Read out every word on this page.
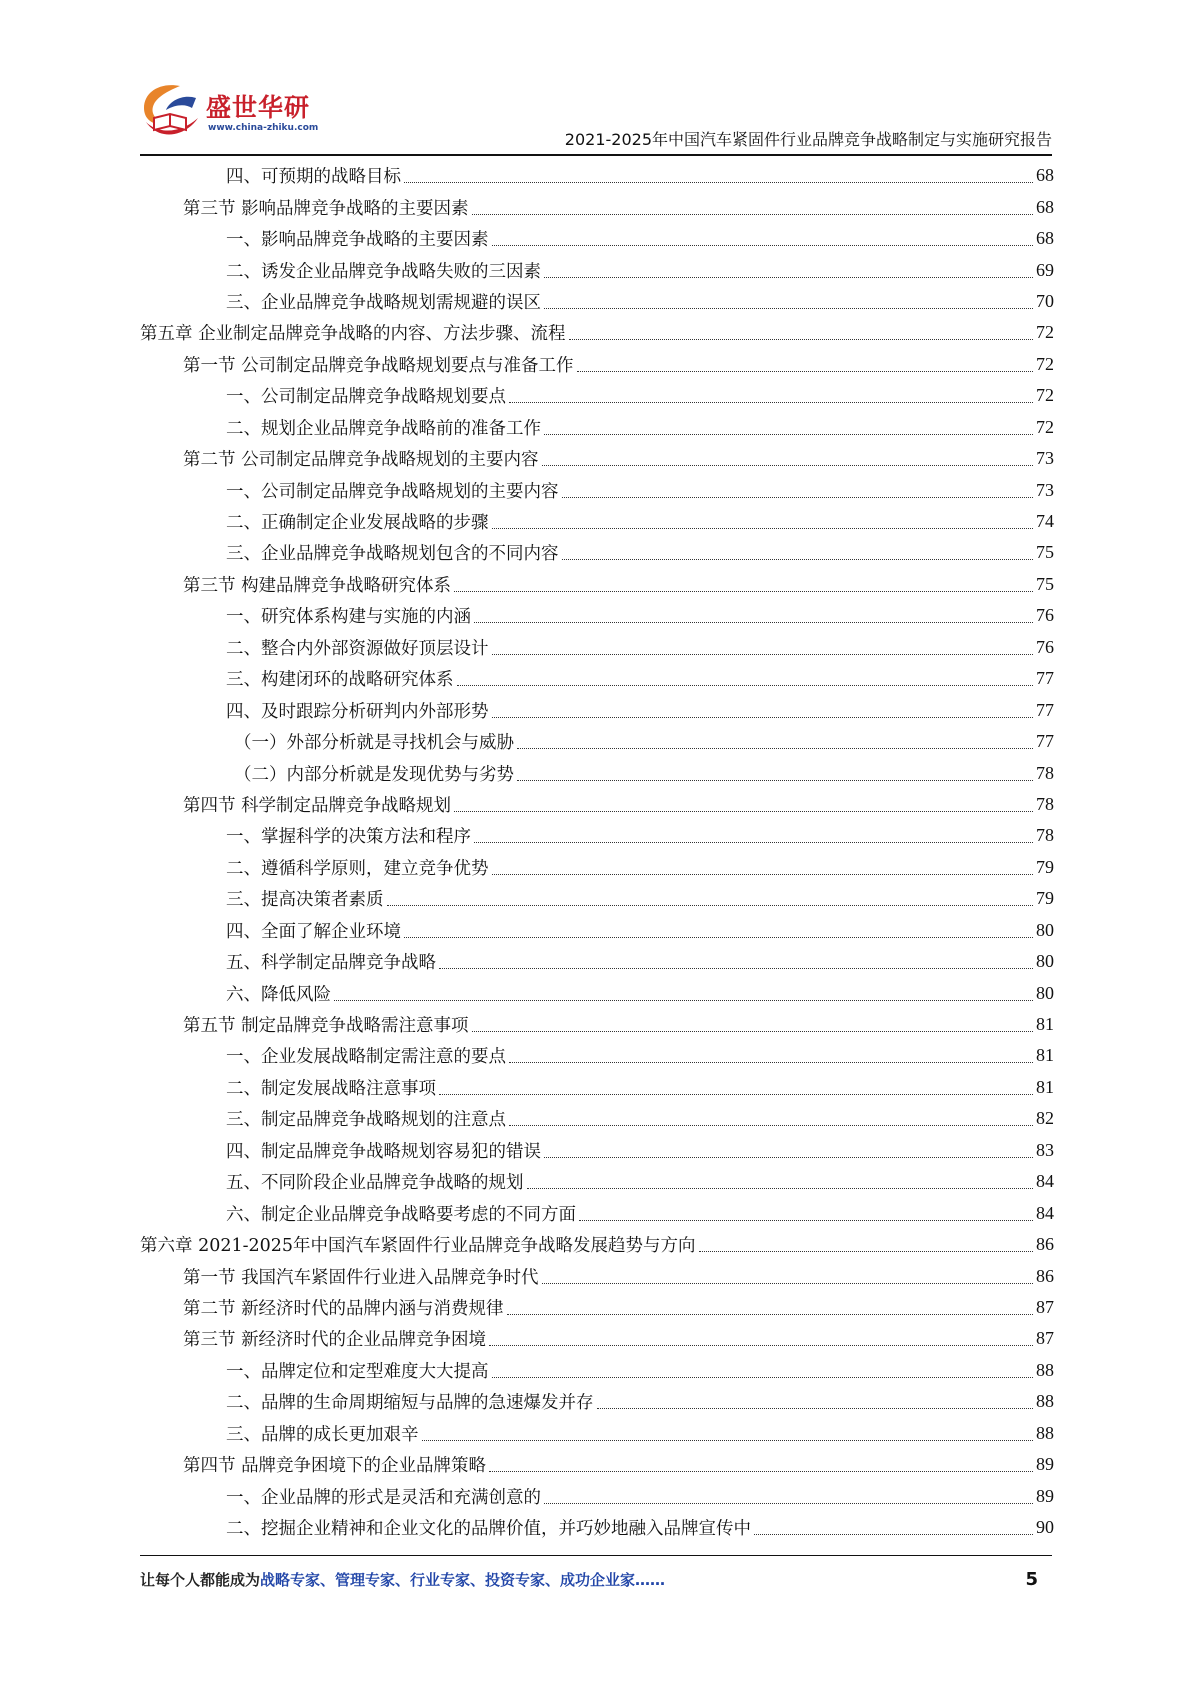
盛世华研
www.china-zhiku.com
2021-2025年中国汽车紧固件行业品牌竞争战略制定与实施研究报告
四、可预期的战略目标	68
第三节 影响品牌竞争战略的主要因素	68
一、影响品牌竞争战略的主要因素	68
二、诱发企业品牌竞争战略失败的三因素	69
三、企业品牌竞争战略规划需规避的误区	70
第五章 企业制定品牌竞争战略的内容、方法步骤、流程	72
第一节 公司制定品牌竞争战略规划要点与准备工作	72
一、公司制定品牌竞争战略规划要点	72
二、规划企业品牌竞争战略前的准备工作	72
第二节 公司制定品牌竞争战略规划的主要内容	73
一、公司制定品牌竞争战略规划的主要内容	73
二、正确制定企业发展战略的步骤	74
三、企业品牌竞争战略规划包含的不同内容	75
第三节 构建品牌竞争战略研究体系	75
一、研究体系构建与实施的内涵	76
二、整合内外部资源做好顶层设计	76
三、构建闭环的战略研究体系	77
四、及时跟踪分析研判内外部形势	77
（一）外部分析就是寻找机会与威胁	77
（二）内部分析就是发现优势与劣势	78
第四节 科学制定品牌竞争战略规划	78
一、掌握科学的决策方法和程序	78
二、遵循科学原则，建立竞争优势	79
三、提高决策者素质	79
四、全面了解企业环境	80
五、科学制定品牌竞争战略	80
六、降低风险	80
第五节 制定品牌竞争战略需注意事项	81
一、企业发展战略制定需注意的要点	81
二、制定发展战略注意事项	81
三、制定品牌竞争战略规划的注意点	82
四、制定品牌竞争战略规划容易犯的错误	83
五、不同阶段企业品牌竞争战略的规划	84
六、制定企业品牌竞争战略要考虑的不同方面	84
第六章 2021-2025年中国汽车紧固件行业品牌竞争战略发展趋势与方向	86
第一节 我国汽车紧固件行业进入品牌竞争时代	86
第二节 新经济时代的品牌内涵与消费规律	87
第三节 新经济时代的企业品牌竞争困境	87
一、品牌定位和定型难度大大提高	88
二、品牌的生命周期缩短与品牌的急速爆发并存	88
三、品牌的成长更加艰辛	88
第四节 品牌竞争困境下的企业品牌策略	89
一、企业品牌的形式是灵活和充满创意的	89
二、挖掘企业精神和企业文化的品牌价值，并巧妙地融入品牌宣传中	90
让每个人都能成为战略专家、管理专家、行业专家、投资专家、成功企业家……	5
